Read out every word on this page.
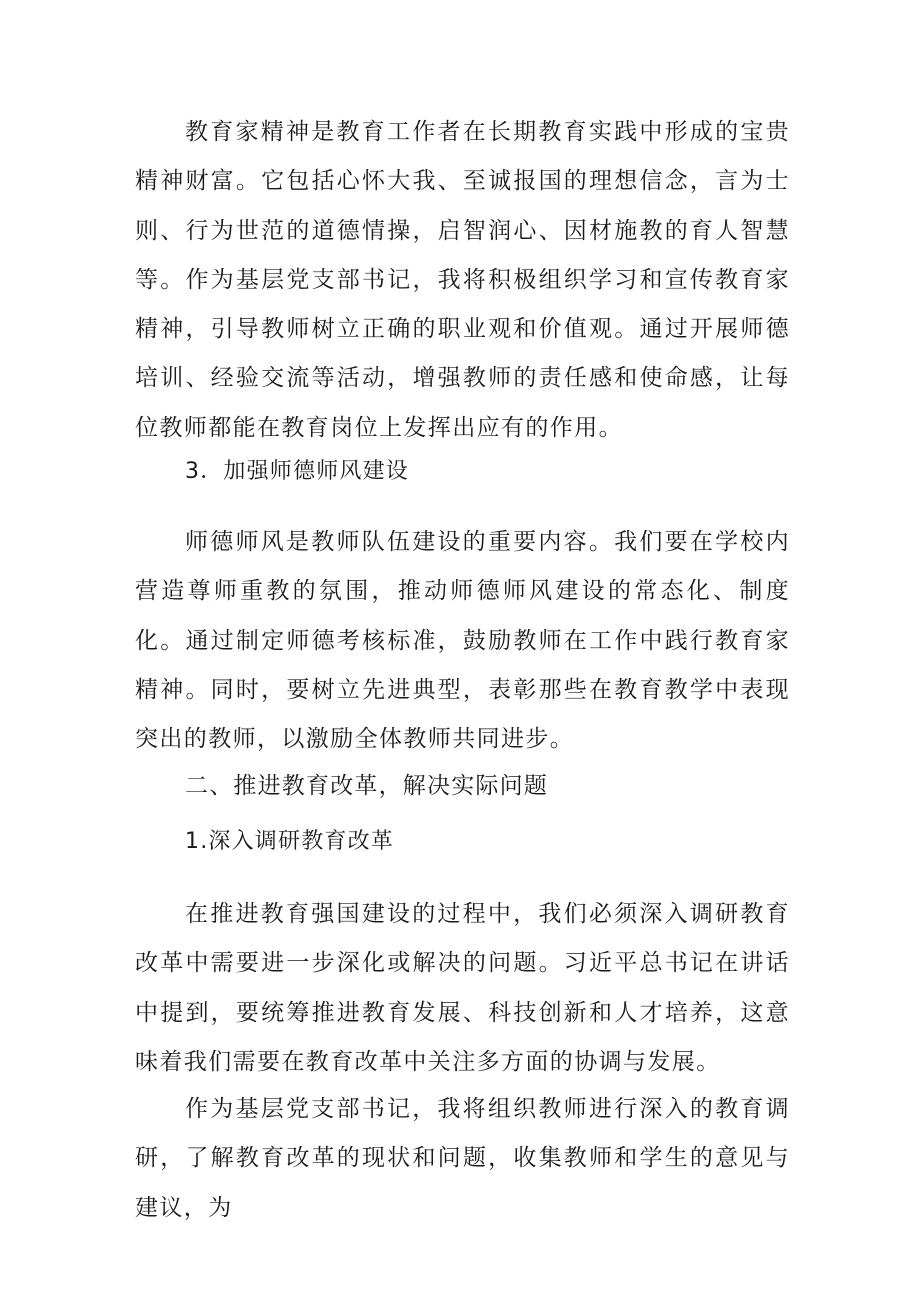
教育家精神是教育工作者在长期教育实践中形成的宝贵精神财富。它包括心怀大我、至诚报国的理想信念，言为士则、行为世范的道德情操，启智润心、因材施教的育人智慧等。作为基层党支部书记，我将积极组织学习和宣传教育家精神，引导教师树立正确的职业观和价值观。通过开展师德培训、经验交流等活动，增强教师的责任感和使命感，让每位教师都能在教育岗位上发挥出应有的作用。

3．加强师德师风建设

师德师风是教师队伍建设的重要内容。我们要在学校内营造尊师重教的氛围，推动师德师风建设的常态化、制度化。通过制定师德考核标准，鼓励教师在工作中践行教育家精神。同时，要树立先进典型，表彰那些在教育教学中表现突出的教师，以激励全体教师共同进步。

二、推进教育改革，解决实际问题

1.深入调研教育改革

在推进教育强国建设的过程中，我们必须深入调研教育改革中需要进一步深化或解决的问题。习近平总书记在讲话中提到，要统筹推进教育发展、科技创新和人才培养，这意味着我们需要在教育改革中关注多方面的协调与发展。

作为基层党支部书记，我将组织教师进行深入的教育调研，了解教育改革的现状和问题，收集教师和学生的意见与建议，为
